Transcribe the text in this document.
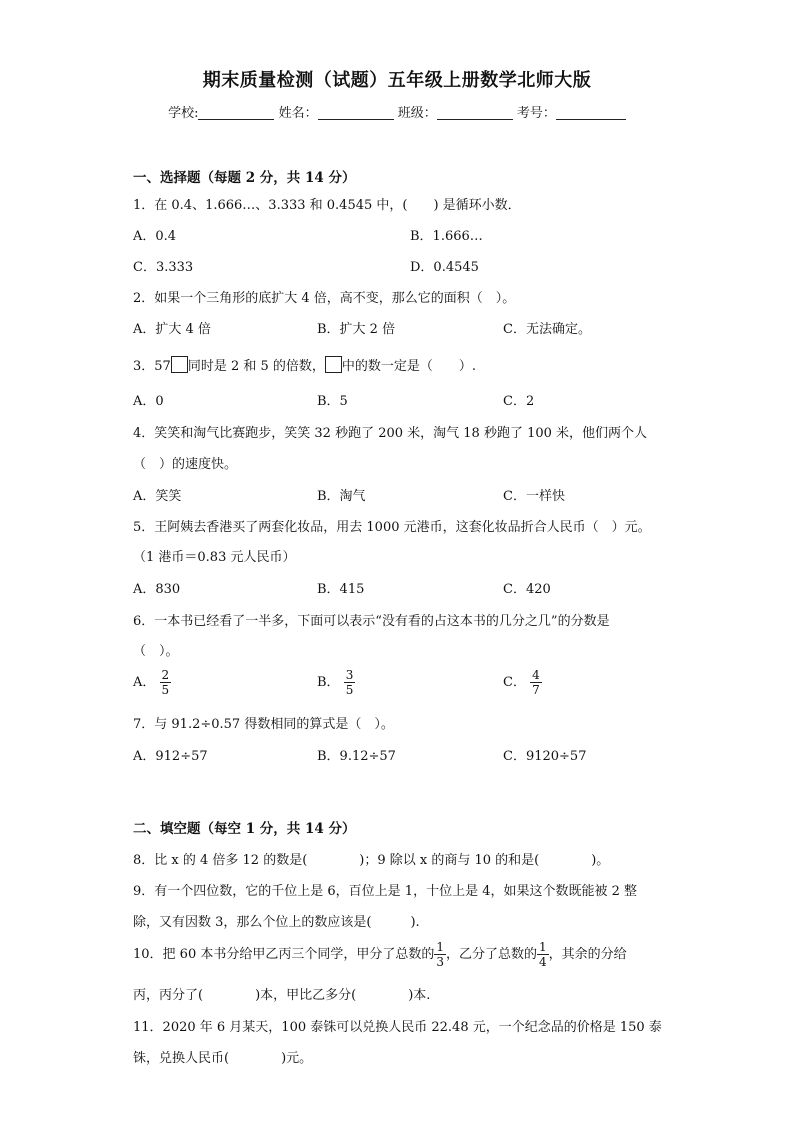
期末质量检测（试题）五年级上册数学北师大版
学校:	姓名：	班级：	考号：
一、选择题（每题 2 分，共 14 分）
1．在 0.4、1.666…、3.333 和 0.4545 中，(　　) 是循环小数．
A．0.4	B．1.666…
C．3.333	D．0.4545
2．如果一个三角形的底扩大 4 倍，高不变，那么它的面积（　）。
A．扩大 4 倍	B．扩大 2 倍	C．无法确定。
3．57 同时是 2 和 5 的倍数， 中的数一定是（　　）.
A．0	B．5	C．2
4．笑笑和淘气比赛跑步，笑笑 32 秒跑了 200 米，淘气 18 秒跑了 100 米，他们两个人
（　）的速度快。
A．笑笑	B．淘气	C．一样快
5．王阿姨去香港买了两套化妆品，用去 1000 元港币，这套化妆品折合人民币（　）元。
（1 港币＝0.83 元人民币）
A．830	B．415	C．420
6．一本书已经看了一半多，下面可以表示“没有看的占这本书的几分之几”的分数是
（　）。
A． $\frac{2}{5}$	B． $\frac{3}{5}$	C． $\frac{4}{7}$
7．与 91.2÷0.57 得数相同的算式是（　）。
A．912÷57	B．9.12÷57	C．9120÷57
二、填空题（每空 1 分，共 14 分）
8．比 x 的 4 倍多 12 的数是(　　　　)；9 除以 x 的商与 10 的和是(　　　　)。
9．有一个四位数，它的千位上是 6，百位上是 1，十位上是 4，如果这个数既能被 2 整
除，又有因数 3，那么个位上的数应该是(　　　).
10．把 60 本书分给甲乙丙三个同学，甲分了总数的 $\frac{1}{3}$ ，乙分了总数的 $\frac{1}{4}$ ，其余的分给
丙，丙分了(　　　　)本，甲比乙多分(　　　　)本.
11．2020 年 6 月某天，100 泰铢可以兑换人民币 22.48 元，一个纪念品的价格是 150 泰
铢，兑换人民币(　　　　)元。
